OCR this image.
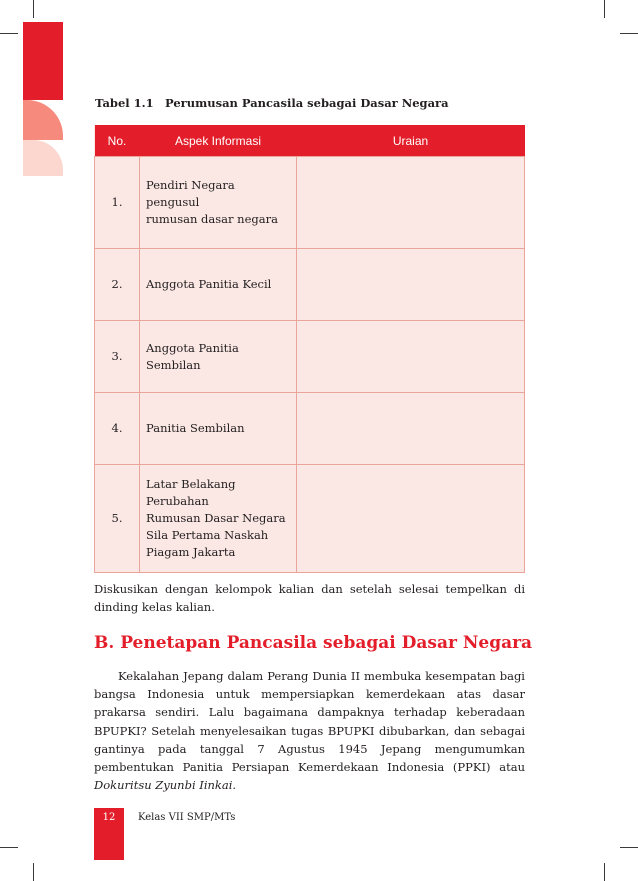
Tabel 1.1 Perumusan Pancasila sebagai Dasar Negara
No.	Aspek Informasi	Uraian
1.	Pendiri Negara pengusul
rumusan dasar negara	
2.	Anggota Panitia Kecil	
3.	Anggota Panitia Sembilan	
4.	Panitia Sembilan	
5.	Latar Belakang Perubahan
Rumusan Dasar Negara
Sila Pertama Naskah
Piagam Jakarta	
Diskusikan dengan kelompok kalian dan setelah selesai tempelkan di dinding kelas kalian.
B. Penetapan Pancasila sebagai Dasar Negara

Kekalahan Jepang dalam Perang Dunia II membuka kesempatan bagi bangsa Indonesia untuk mempersiapkan kemerdekaan atas dasar prakarsa sendiri. Lalu bagaimana dampaknya terhadap keberadaan BPUPKI? Setelah menyelesaikan tugas BPUPKI dibubarkan, dan sebagai gantinya pada tanggal 7 Agustus 1945 Jepang mengumumkan pembentukan Panitia Persiapan Kemerdekaan Indonesia (PPKI) atau Dokuritsu Zyunbi Iinkai.

12	Kelas VII SMP/MTs
